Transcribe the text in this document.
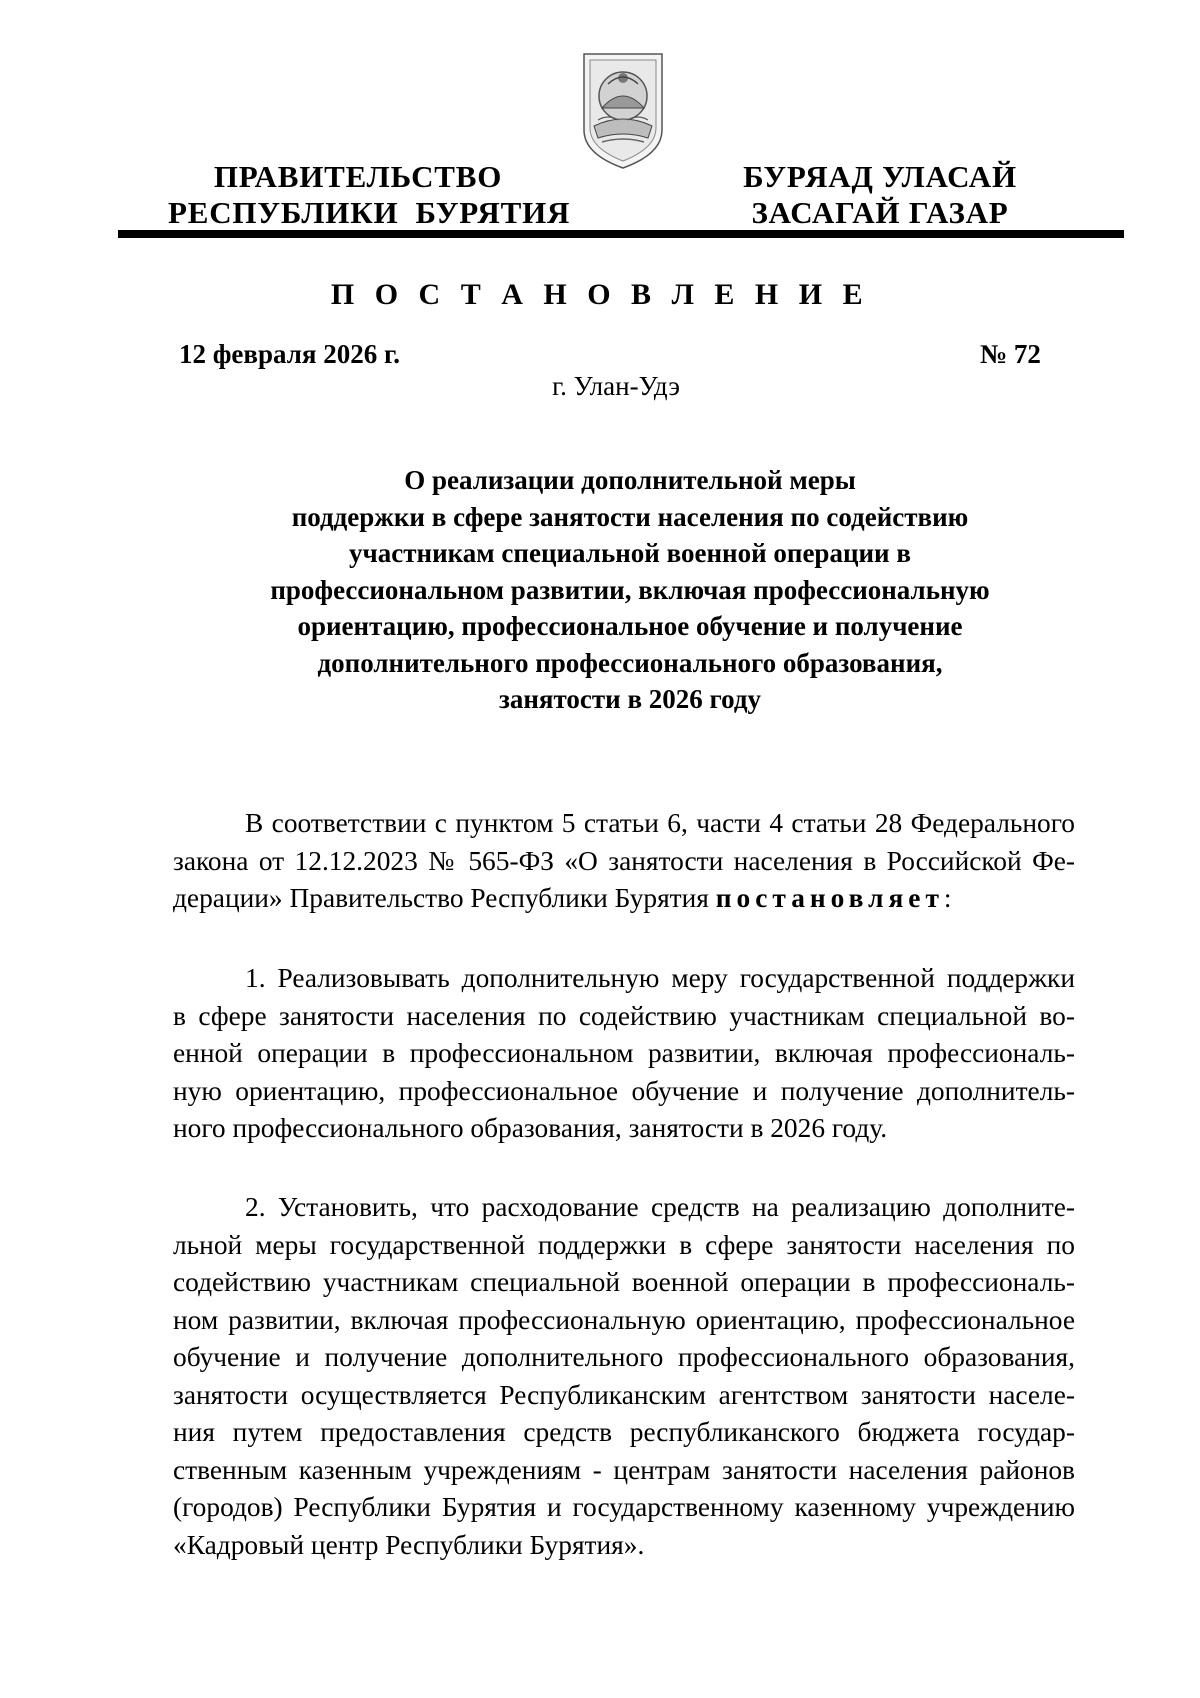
ПРАВИТЕЛЬСТВО
РЕСПУБЛИКИ  БУРЯТИЯ
БУРЯАД УЛАСАЙ
ЗАСАГАЙ ГАЗАР
П О С Т А Н О В Л Е Н И Е
12 февраля 2026 г.	№ 72
г. Улан-Удэ
О реализации дополнительной меры
поддержки в сфере занятости населения по содействию
участникам специальной военной операции в
профессиональном развитии, включая профессиональную
ориентацию, профессиональное обучение и получение
дополнительного профессионального образования,
занятости в 2026 году
В соответствии с пунктом 5 статьи 6, части 4 статьи 28 Федерального
закона от 12.12.2023 № 565-ФЗ «О занятости населения в Российской Фе-
дерации» Правительство Республики Бурятия постановляет:
1. Реализовывать дополнительную меру государственной поддержки
в сфере занятости населения по содействию участникам специальной во-
енной операции в профессиональном развитии, включая профессиональ-
ную ориентацию, профессиональное обучение и получение дополнитель-
ного профессионального образования, занятости в 2026 году.
2. Установить, что расходование средств на реализацию дополните-
льной меры государственной поддержки в сфере занятости населения по
содействию участникам специальной военной операции в профессиональ-
ном развитии, включая профессиональную ориентацию, профессиональное
обучение и получение дополнительного профессионального образования,
занятости осуществляется Республиканским агентством занятости населе-
ния путем предоставления средств республиканского бюджета государ-
ственным казенным учреждениям - центрам занятости населения районов
(городов) Республики Бурятия и государственному казенному учреждению
«Кадровый центр Республики Бурятия».
